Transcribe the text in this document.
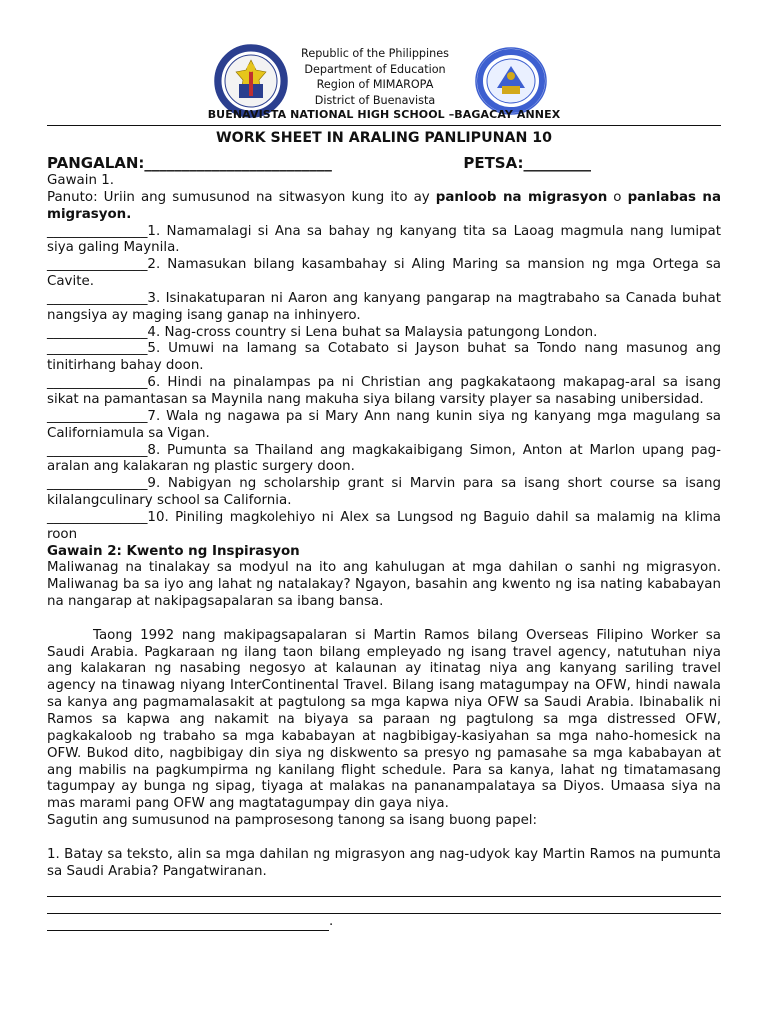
Republic of the Philippines
Department of Education
Region of MIMAROPA
District of Buenavista
BUENAVISTA NATIONAL HIGH SCHOOL –BAGACAY ANNEX
WORK SHEET IN ARALING PANLIPUNAN 10
PANGALAN:_________________________	PETSA:_________

Gawain 1.

Panuto: Uriin ang sumusunod na sitwasyon kung ito ay panloob na migrasyon o panlabas na migrasyon.

_______________1. Namamalagi si Ana sa bahay ng kanyang tita sa Laoag magmula nang lumipat siya galing Maynila.

_______________2. Namasukan bilang kasambahay si Aling Maring sa mansion ng mga Ortega sa Cavite.

_______________3. Isinakatuparan ni Aaron ang kanyang pangarap na magtrabaho sa Canada buhat nangsiya ay maging isang ganap na inhinyero.

_______________4. Nag-cross country si Lena buhat sa Malaysia patungong London.

_______________5. Umuwi na lamang sa Cotabato si Jayson buhat sa Tondo nang masunog ang tinitirhang bahay doon.

_______________6. Hindi na pinalampas pa ni Christian ang pagkakataong makapag-aral sa isang sikat na pamantasan sa Maynila nang makuha siya bilang varsity player sa nasabing unibersidad.

_______________7. Wala ng nagawa pa si Mary Ann nang kunin siya ng kanyang mga magulang sa Californiamula sa Vigan.

_______________8. Pumunta sa Thailand ang magkakaibigang Simon, Anton at Marlon upang pag-aralan ang kalakaran ng plastic surgery doon.

_______________9. Nabigyan ng scholarship grant si Marvin para sa isang short course sa isang kilalangculinary school sa California.

_______________10. Piniling magkolehiyo ni Alex sa Lungsod ng Baguio dahil sa malamig na klima roon

Gawain 2: Kwento ng Inspirasyon

Maliwanag na tinalakay sa modyul na ito ang kahulugan at mga dahilan o sanhi ng migrasyon. Maliwanag ba sa iyo ang lahat ng natalakay? Ngayon, basahin ang kwento ng isa nating kababayan na nangarap at nakipagsapalaran sa ibang bansa.

Taong 1992 nang makipagsapalaran si Martin Ramos bilang Overseas Filipino Worker sa Saudi Arabia. Pagkaraan ng ilang taon bilang empleyado ng isang travel agency, natutuhan niya ang kalakaran ng nasabing negosyo at kalaunan ay itinatag niya ang kanyang sariling travel agency na tinawag niyang InterContinental Travel. Bilang isang matagumpay na OFW, hindi nawala sa kanya ang pagmamalasakit at pagtulong sa mga kapwa niya OFW sa Saudi Arabia. Ibinabalik ni Ramos sa kapwa ang nakamit na biyaya sa paraan ng pagtulong sa mga distressed OFW, pagkakaloob ng trabaho sa mga kababayan at nagbibigay-kasiyahan sa mga naho-homesick na OFW. Bukod dito, nagbibigay din siya ng diskwento sa presyo ng pamasahe sa mga kababayan at ang mabilis na pagkumpirma ng kanilang flight schedule. Para sa kanya, lahat ng timatamasang tagumpay ay bunga ng sipag, tiyaga at malakas na pananampalataya sa Diyos. Umaasa siya na mas marami pang OFW ang magtatagumpay din gaya niya.

Sagutin ang sumusunod na pamprosesong tanong sa isang buong papel:

1. Batay sa teksto, alin sa mga dahilan ng migrasyon ang nag-udyok kay Martin Ramos na pumunta sa Saudi Arabia? Pangatwiranan.

.
